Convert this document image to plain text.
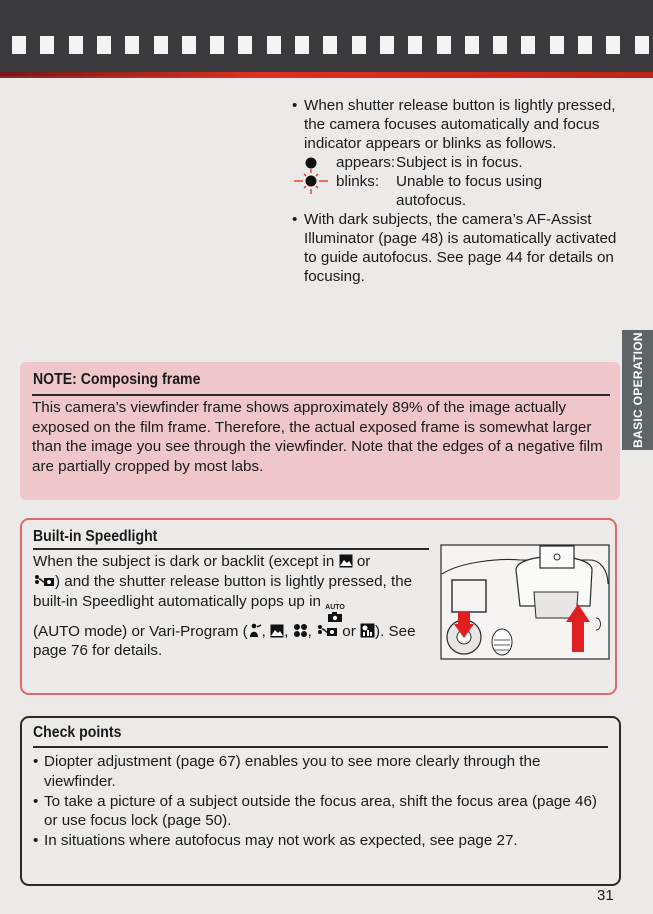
• When shutter release button is lightly pressed, the camera focuses automatically and focus indicator appears or blinks as follows.

appears: Subject is in focus.
blinks: Unable to focus using autofocus.

• With dark subjects, the camera’s AF-Assist Illuminator (page 48) is automatically activated to guide autofocus. See page 44 for details on focusing.

BASIC OPERATION
NOTE: Composing frame

This camera’s viewfinder frame shows approximately 89% of the image actually exposed on the film frame. Therefore, the actual exposed frame is somewhat larger than the image you see through the viewfinder. Note that the edges of a negative film are partially cropped by most labs.

Built-in Speedlight

When the subject is dark or backlit (except in or
) and the shutter release button is lightly pressed, the built-in Speedlight automatically pops up in AUTO

(AUTO mode) or Vari-Program ( , , , or ). See page 76 for details.

Check points
• Diopter adjustment (page 67) enables you to see more clearly through the viewfinder.
• To take a picture of a subject outside the focus area, shift the focus area (page 46) or use focus lock (page 50).
• In situations where autofocus may not work as expected, see page 27.
31
